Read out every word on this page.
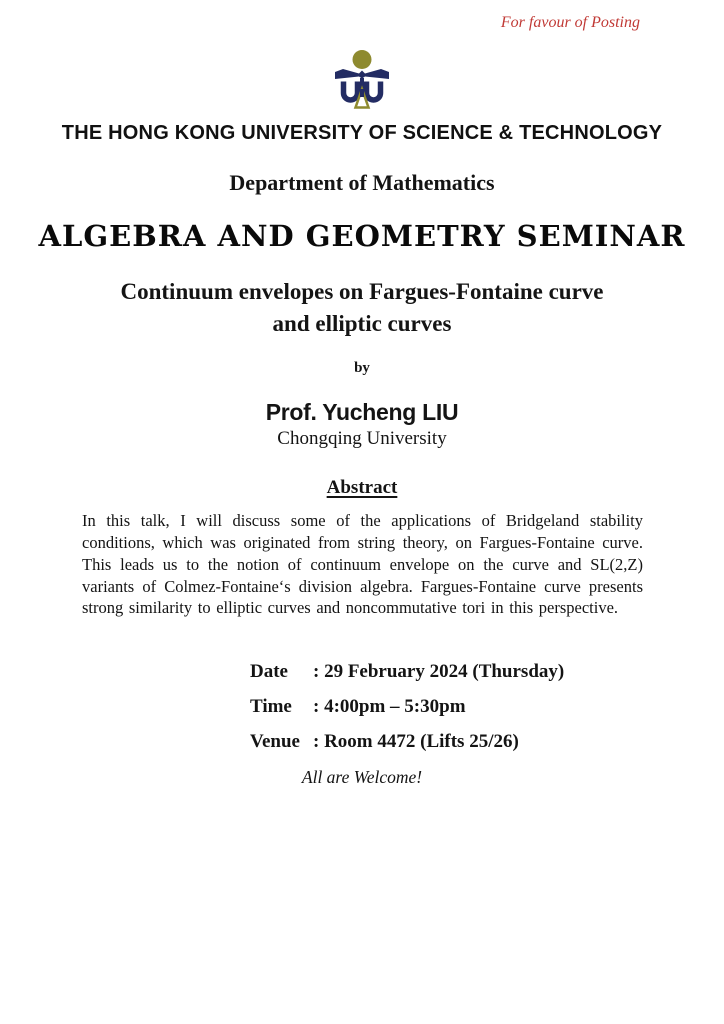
For favour of Posting
THE HONG KONG UNIVERSITY OF SCIENCE & TECHNOLOGY
Department of Mathematics
ALGEBRA AND GEOMETRY SEMINAR
Continuum envelopes on Fargues-Fontaine curve
and elliptic curves
by
Prof. Yucheng LIU
Chongqing University
Abstract
In this talk, I will discuss some of the applications of Bridgeland stability conditions, which was originated from string theory, on Fargues-Fontaine curve. This leads us to the notion of continuum envelope on the curve and SL(2,Z) variants of Colmez-Fontaine‘s division algebra. Fargues-Fontaine curve presents strong similarity to elliptic curves and noncommutative tori in this perspective.
Date	: 29 February 2024 (Thursday)
Time	: 4:00pm – 5:30pm
Venue : Room 4472 (Lifts 25/26)
All are Welcome!
